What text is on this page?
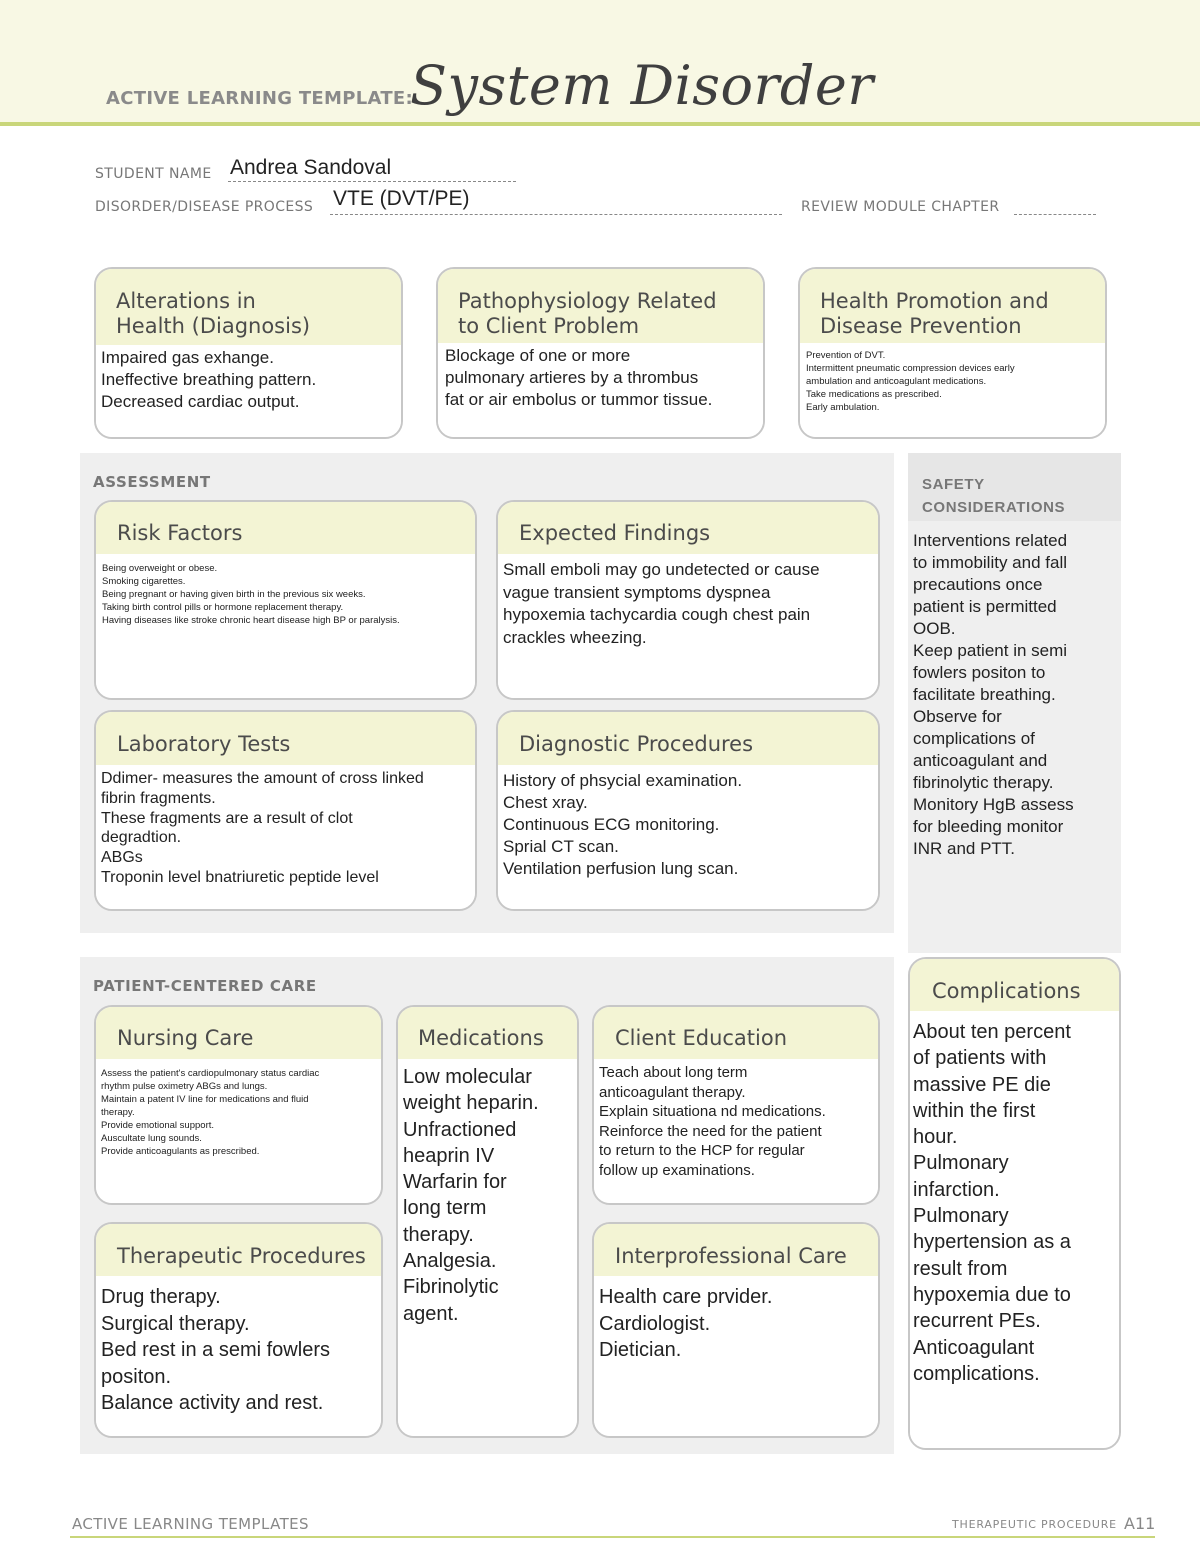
ACTIVE LEARNING TEMPLATE:
System Disorder
STUDENT NAME Andrea Sandoval
DISORDER/DISEASE PROCESS VTE (DVT/PE)	REVIEW MODULE CHAPTER
Alterations in
Health (Diagnosis)
Impaired gas exhange.
Ineffective breathing pattern.
Decreased cardiac output.
Pathophysiology Related
to Client Problem
Blockage of one or more
pulmonary artieres by a thrombus
fat or air embolus or tummor tissue.
Health Promotion and
Disease Prevention
Prevention of DVT.
Intermittent pneumatic compression devices early
ambulation and anticoagulant medications.
Take medications as prescribed.
Early ambulation.
ASSESSMENT
Risk Factors
Being overweight or obese.
Smoking cigarettes.
Being pregnant or having given birth in the previous six weeks.
Taking birth control pills or hormone replacement therapy.
Having diseases like stroke chronic heart disease high BP or paralysis.
Expected Findings
Small emboli may go undetected or cause
vague transient symptoms dyspnea
hypoxemia tachycardia cough chest pain
crackles wheezing.
Laboratory Tests
Ddimer- measures the amount of cross linked
fibrin fragments.
These fragments are a result of clot
degradtion.
ABGs
Troponin level bnatriuretic peptide level
Diagnostic Procedures
History of phsycial examination.
Chest xray.
Continuous ECG monitoring.
Sprial CT scan.
Ventilation perfusion lung scan.
SAFETY
CONSIDERATIONS
Interventions related
to immobility and fall
precautions once
patient is permitted
OOB.
Keep patient in semi
fowlers positon to
facilitate breathing.
Observe for
complications of
anticoagulant and
fibrinolytic therapy.
Monitory HgB assess
for bleeding monitor
INR and PTT.
PATIENT-CENTERED CARE
Nursing Care
Assess the patient's cardiopulmonary status cardiac
rhythm pulse oximetry ABGs and lungs.
Maintain a patent IV line for medications and fluid
therapy.
Provide emotional support.
Auscultate lung sounds.
Provide anticoagulants as prescribed.
Medications
Low molecular
weight heparin.
Unfractioned
heaprin IV
Warfarin for
long term
therapy.
Analgesia.
Fibrinolytic
agent.
Client Education
Teach about long term
anticoagulant therapy.
Explain situationa nd medications.
Reinforce the need for the patient
to return to the HCP for regular
follow up examinations.
Therapeutic Procedures
Drug therapy.
Surgical therapy.
Bed rest in a semi fowlers
positon.
Balance activity and rest.
Interprofessional Care
Health care prvider.
Cardiologist.
Dietician.
Complications
About ten percent
of patients with
massive PE die
within the first
hour.
Pulmonary
infarction.
Pulmonary
hypertension as a
result from
hypoxemia due to
recurrent PEs.
Anticoagulant
complications.
ACTIVE LEARNING TEMPLATES	THERAPEUTIC PROCEDURE A11
